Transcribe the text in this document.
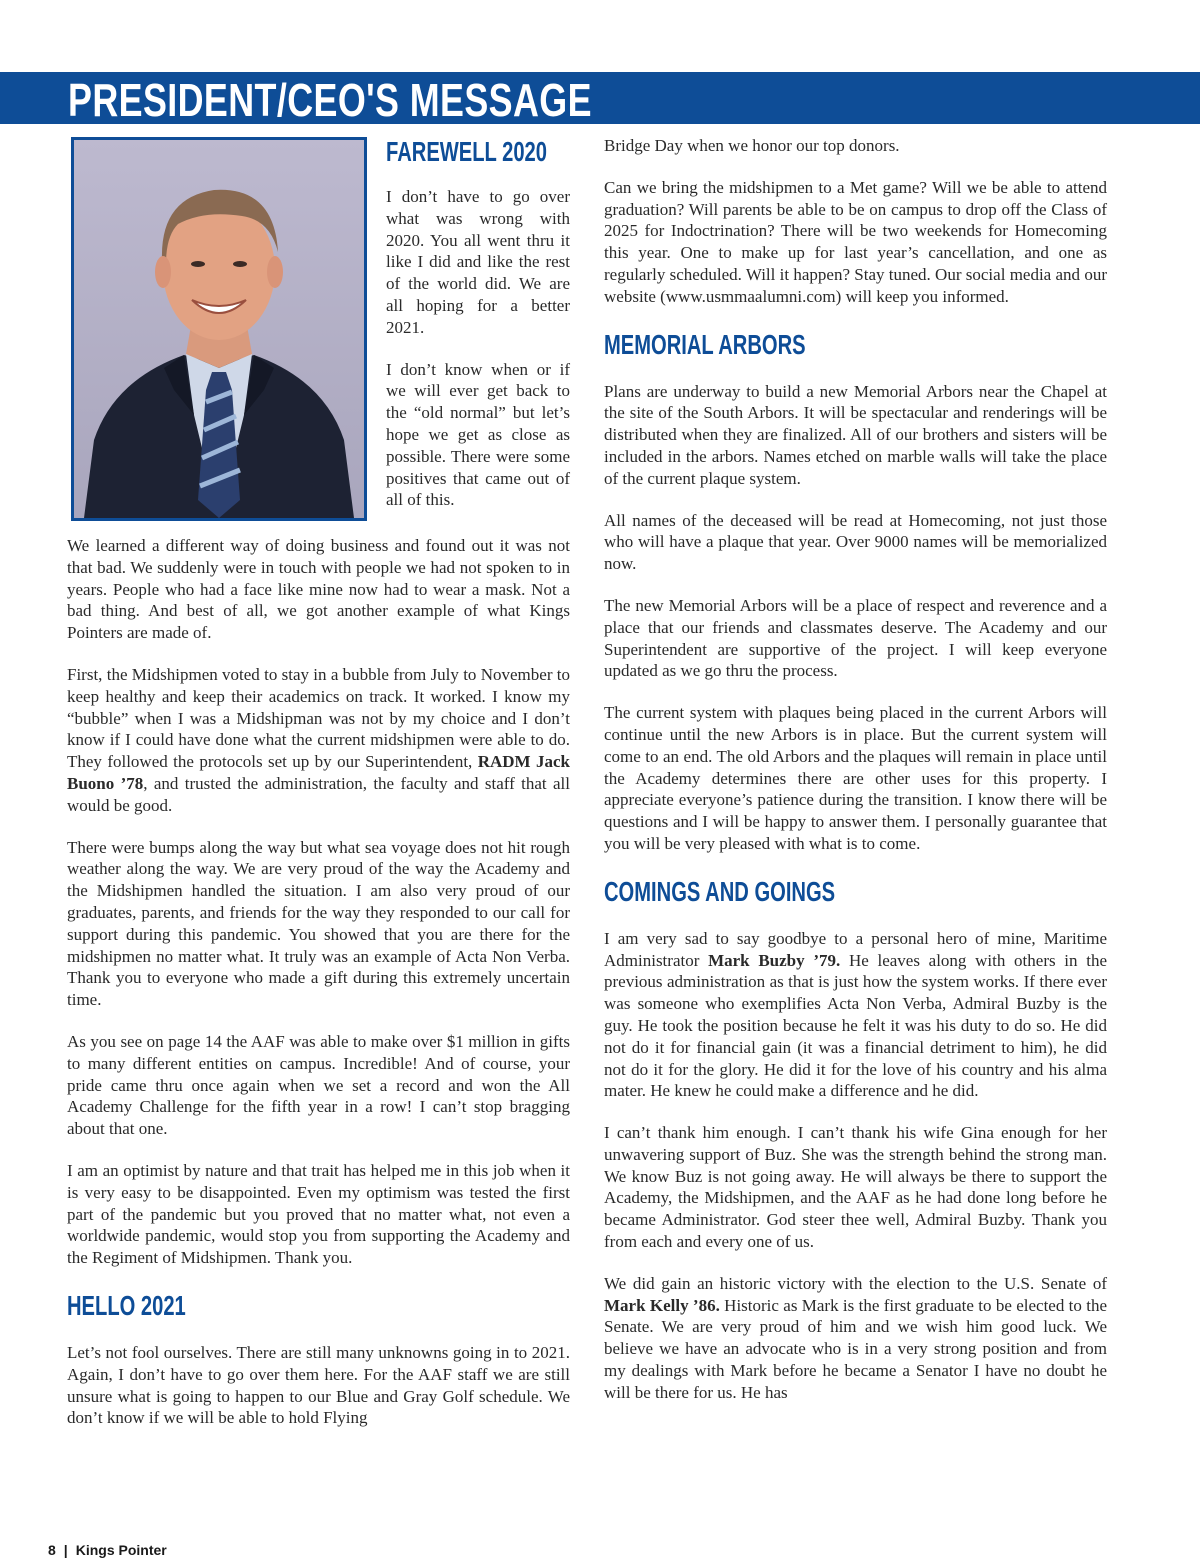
PRESIDENT/CEO'S MESSAGE
FAREWELL 2020

I don’t have to go over what was wrong with 2020. You all went thru it like I did and like the rest of the world did. We are all hoping for a better 2021.

I don’t know when or if we will ever get back to the “old normal” but let’s hope we get as close as possible. There were some positives that came out of all of this.

We learned a different way of doing business and found out it was not that bad. We suddenly were in touch with people we had not spoken to in years. People who had a face like mine now had to wear a mask. Not a bad thing. And best of all, we got another example of what Kings Pointers are made of.

First, the Midshipmen voted to stay in a bubble from July to November to keep healthy and keep their academics on track. It worked. I know my “bubble” when I was a Midshipman was not by my choice and I don’t know if I could have done what the current midshipmen were able to do. They followed the protocols set up by our Superintendent, RADM Jack Buono ’78, and trusted the administration, the faculty and staff that all would be good.

There were bumps along the way but what sea voyage does not hit rough weather along the way. We are very proud of the way the Academy and the Midshipmen handled the situation. I am also very proud of our graduates, parents, and friends for the way they responded to our call for support during this pandemic. You showed that you are there for the midshipmen no matter what. It truly was an example of Acta Non Verba. Thank you to everyone who made a gift during this extremely uncertain time.

As you see on page 14 the AAF was able to make over $1 million in gifts to many different entities on campus. Incredible! And of course, your pride came thru once again when we set a record and won the All Academy Challenge for the fifth year in a row! I can’t stop bragging about that one.

I am an optimist by nature and that trait has helped me in this job when it is very easy to be disappointed. Even my optimism was tested the first part of the pandemic but you proved that no matter what, not even a worldwide pandemic, would stop you from supporting the Academy and the Regiment of Midshipmen. Thank you.

HELLO 2021

Let’s not fool ourselves. There are still many unknowns going in to 2021. Again, I don’t have to go over them here. For the AAF staff we are still unsure what is going to happen to our Blue and Gray Golf schedule. We don’t know if we will be able to hold Flying

Bridge Day when we honor our top donors.

Can we bring the midshipmen to a Met game? Will we be able to attend graduation? Will parents be able to be on campus to drop off the Class of 2025 for Indoctrination? There will be two weekends for Homecoming this year. One to make up for last year’s cancellation, and one as regularly scheduled. Will it happen? Stay tuned. Our social media and our website (www.usmmaalumni.com) will keep you informed.

MEMORIAL ARBORS

Plans are underway to build a new Memorial Arbors near the Chapel at the site of the South Arbors. It will be spectacular and renderings will be distributed when they are finalized. All of our brothers and sisters will be included in the arbors. Names etched on marble walls will take the place of the current plaque system.

All names of the deceased will be read at Homecoming, not just those who will have a plaque that year. Over 9000 names will be memorialized now.

The new Memorial Arbors will be a place of respect and reverence and a place that our friends and classmates deserve. The Academy and our Superintendent are supportive of the project. I will keep everyone updated as we go thru the process.

The current system with plaques being placed in the current Arbors will continue until the new Arbors is in place. But the current system will come to an end. The old Arbors and the plaques will remain in place until the Academy determines there are other uses for this property. I appreciate everyone’s patience during the transition. I know there will be questions and I will be happy to answer them. I personally guarantee that you will be very pleased with what is to come.

COMINGS AND GOINGS

I am very sad to say goodbye to a personal hero of mine, Maritime Administrator Mark Buzby ’79. He leaves along with others in the previous administration as that is just how the system works. If there ever was someone who exemplifies Acta Non Verba, Admiral Buzby is the guy. He took the position because he felt it was his duty to do so. He did not do it for financial gain (it was a financial detriment to him), he did not do it for the glory. He did it for the love of his country and his alma mater. He knew he could make a difference and he did.

I can’t thank him enough. I can’t thank his wife Gina enough for her unwavering support of Buz. She was the strength behind the strong man. We know Buz is not going away. He will always be there to support the Academy, the Midshipmen, and the AAF as he had done long before he became Administrator. God steer thee well, Admiral Buzby. Thank you from each and every one of us.

We did gain an historic victory with the election to the U.S. Senate of Mark Kelly ’86. Historic as Mark is the first graduate to be elected to the Senate. We are very proud of him and we wish him good luck. We believe we have an advocate who is in a very strong position and from my dealings with Mark before he became a Senator I have no doubt he will be there for us. He has

8 | Kings Pointer
